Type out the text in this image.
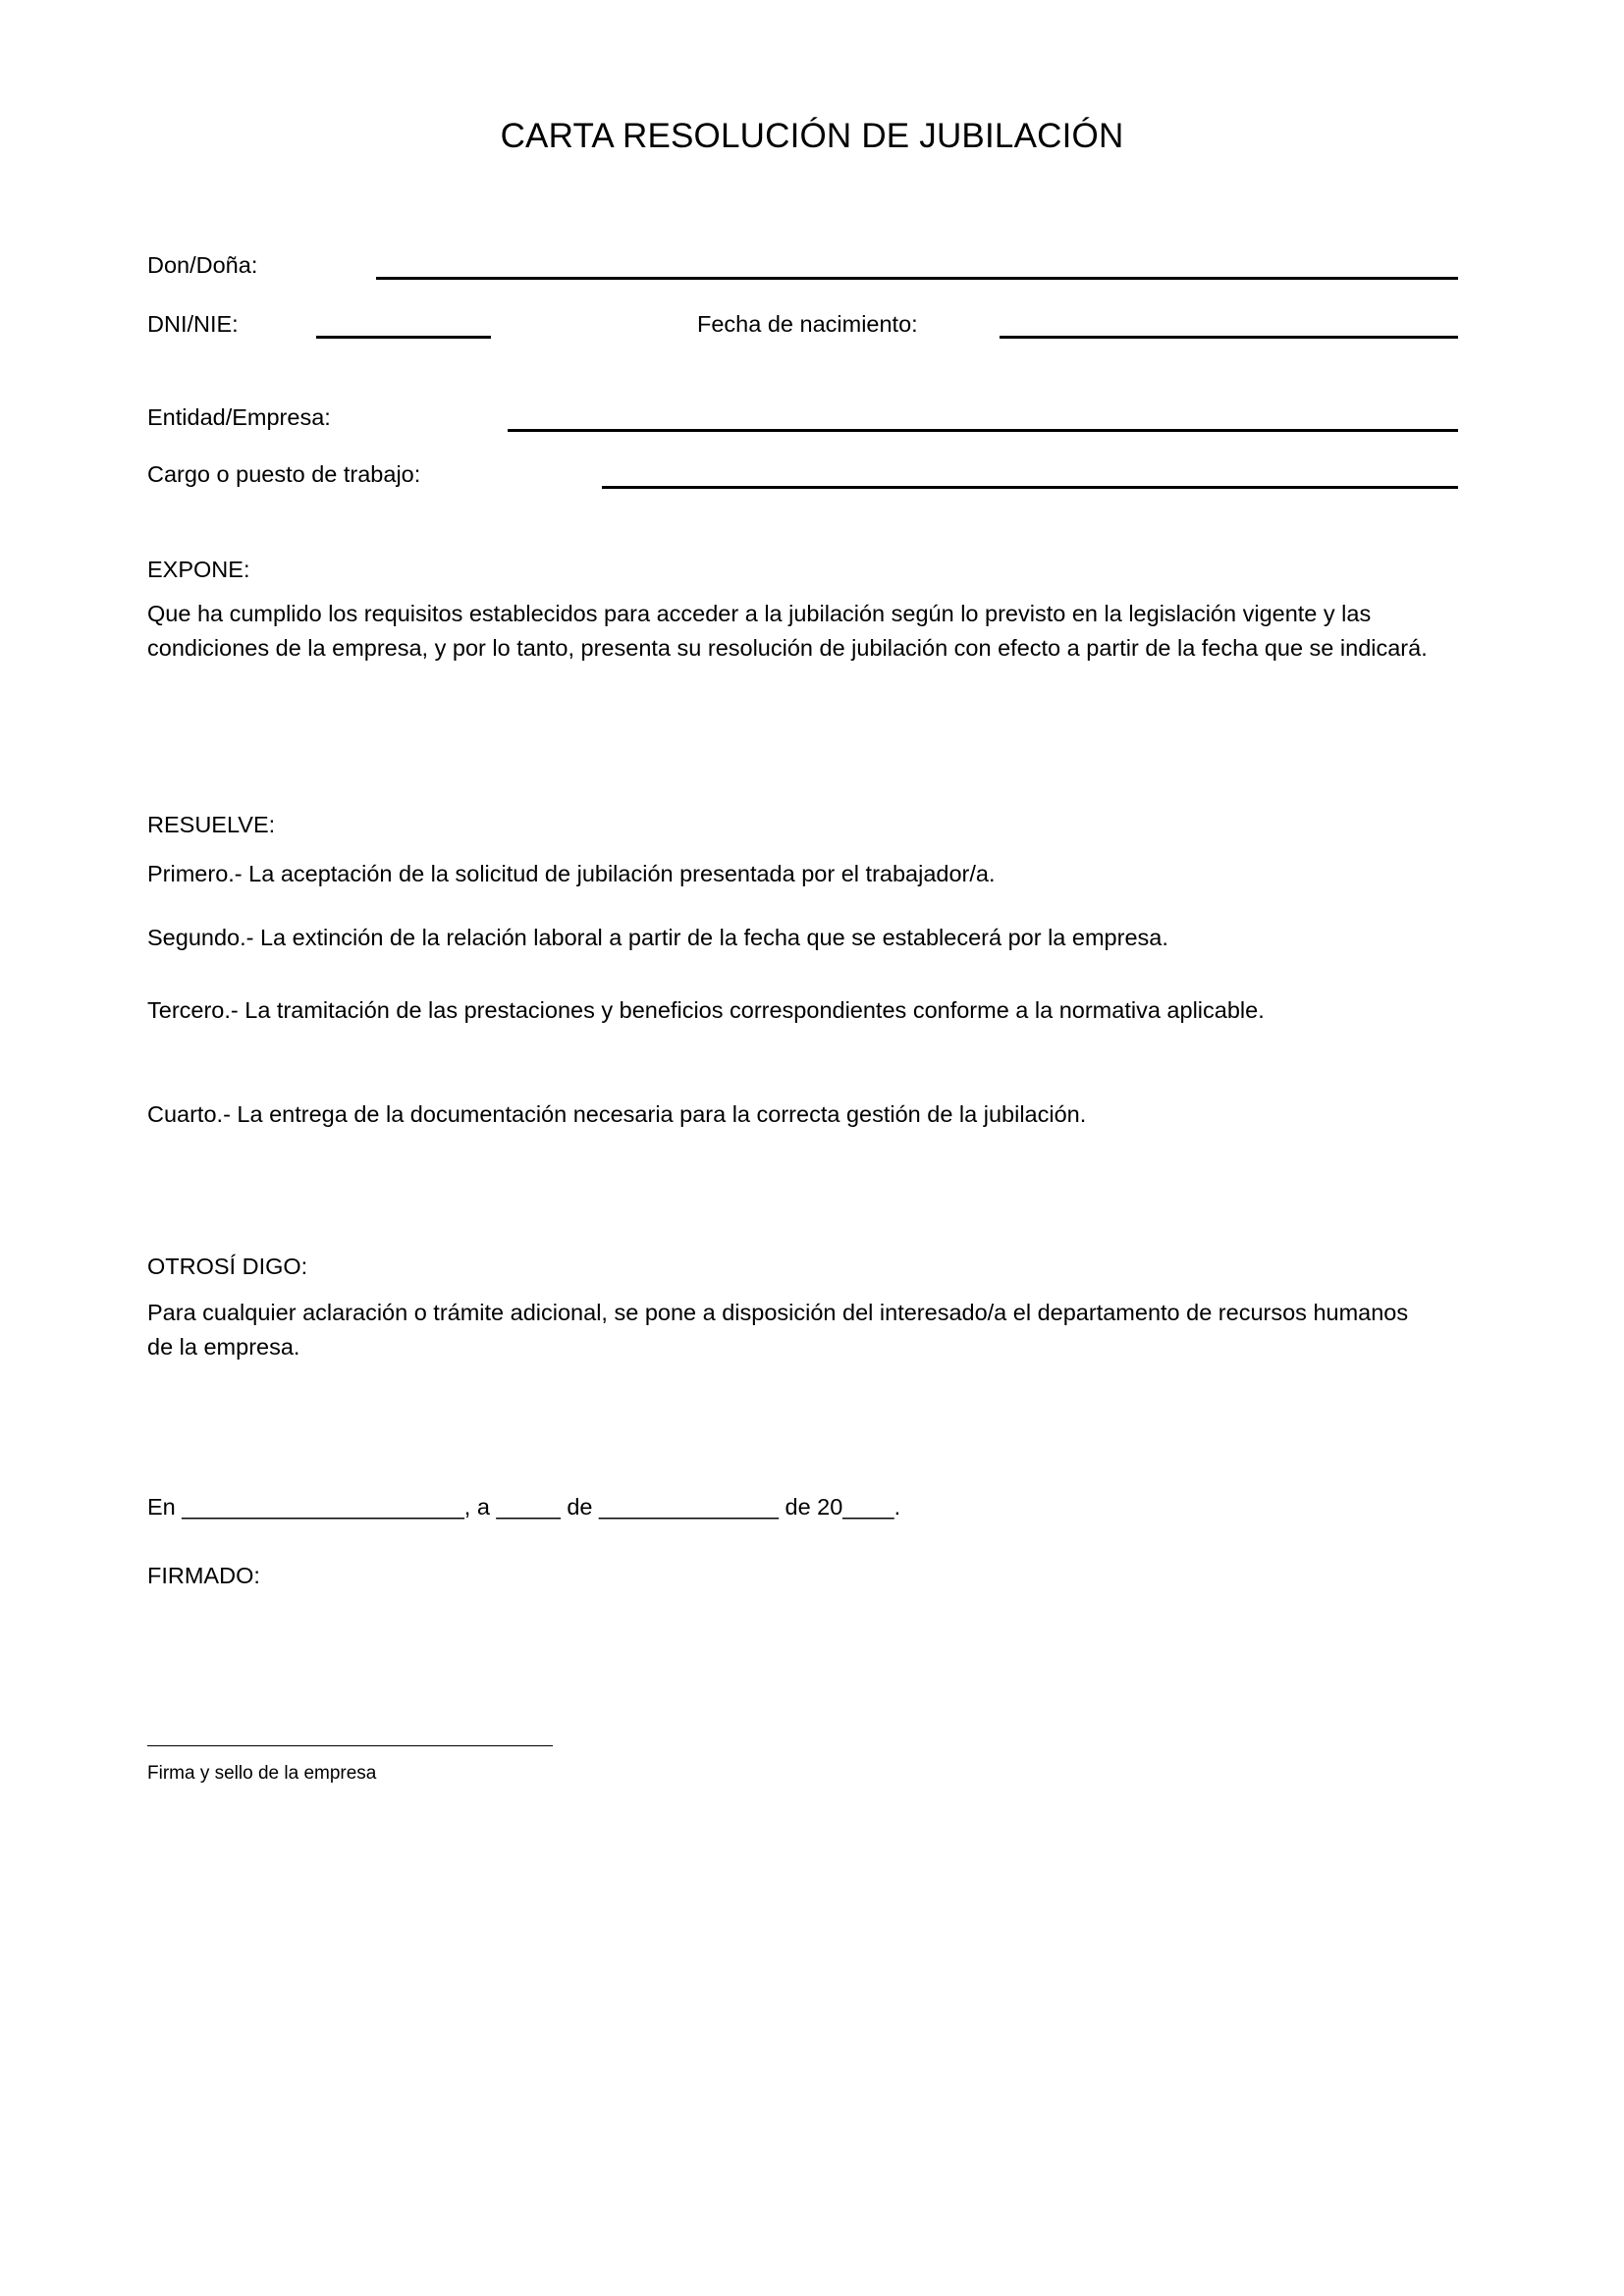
CARTA RESOLUCIÓN DE JUBILACIÓN
Don/Doña:
DNI/NIE:	Fecha de nacimiento:
Entidad/Empresa:
Cargo o puesto de trabajo:
EXPONE:

Que ha cumplido los requisitos establecidos para acceder a la jubilación según lo previsto en la legislación vigente y las condiciones de la empresa, y por lo tanto, presenta su resolución de jubilación con efecto a partir de la fecha que se indicará.

RESUELVE:

Primero.- La aceptación de la solicitud de jubilación presentada por el trabajador/a.

Segundo.- La extinción de la relación laboral a partir de la fecha que se establecerá por la empresa.

Tercero.- La tramitación de las prestaciones y beneficios correspondientes conforme a la normativa aplicable.

Cuarto.- La entrega de la documentación necesaria para la correcta gestión de la jubilación.

OTROSÍ DIGO:

Para cualquier aclaración o trámite adicional, se pone a disposición del interesado/a el departamento de recursos humanos de la empresa.

En ______________________, a _____ de ______________ de 20____.
FIRMADO:
Firma y sello de la empresa
